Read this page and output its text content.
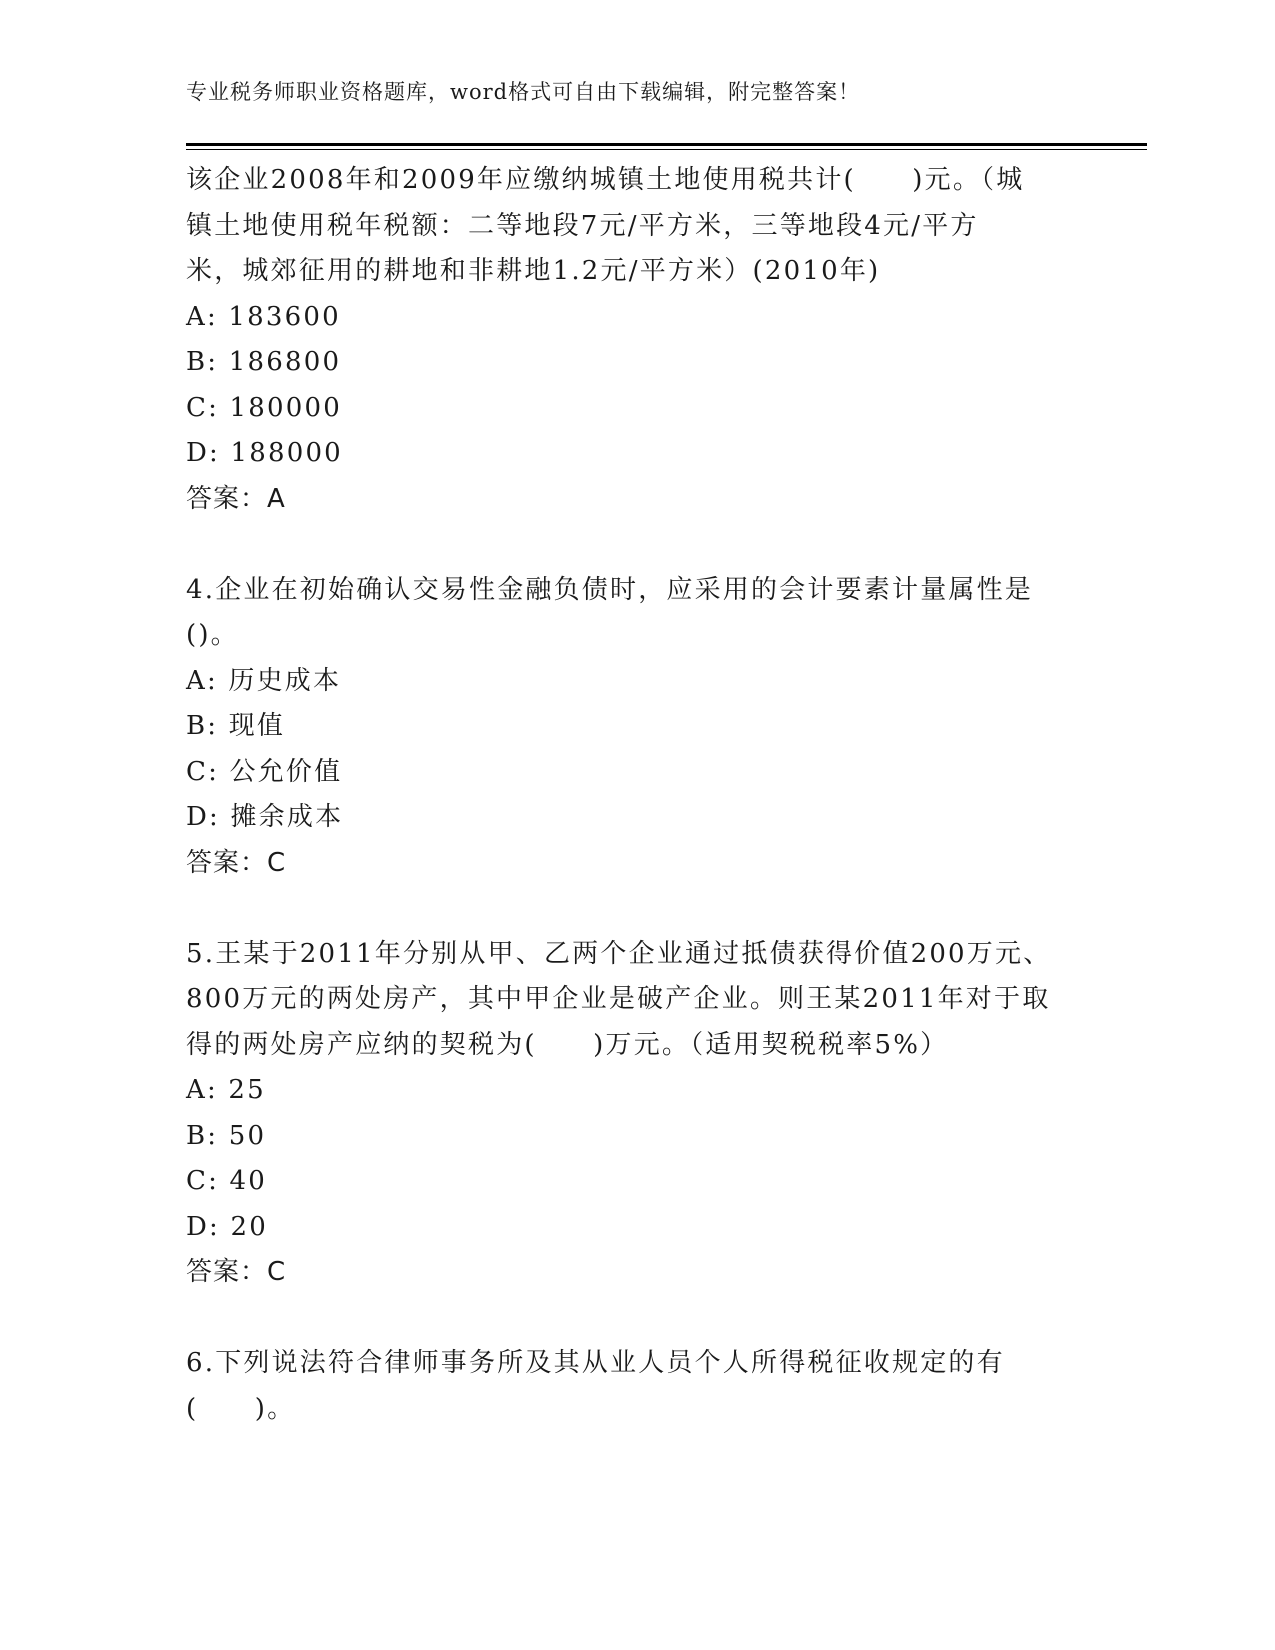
专业税务师职业资格题库，word格式可自由下载编辑，附完整答案！
该企业2008年和2009年应缴纳城镇土地使用税共计(　　)元。（城
镇土地使用税年税额：二等地段7元/平方米，三等地段4元/平方
米，城郊征用的耕地和非耕地1.2元/平方米）(2010年)
A: 183600
B: 186800
C: 180000
D: 188000
答案：A
4.企业在初始确认交易性金融负债时，应采用的会计要素计量属性是
()。
A: 历史成本
B: 现值
C: 公允价值
D: 摊余成本
答案：C
5.王某于2011年分别从甲、乙两个企业通过抵债获得价值200万元、
800万元的两处房产，其中甲企业是破产企业。则王某2011年对于取
得的两处房产应纳的契税为(　　)万元。（适用契税税率5%）
A: 25
B: 50
C: 40
D: 20
答案：C
6.下列说法符合律师事务所及其从业人员个人所得税征收规定的有
(　　)。
